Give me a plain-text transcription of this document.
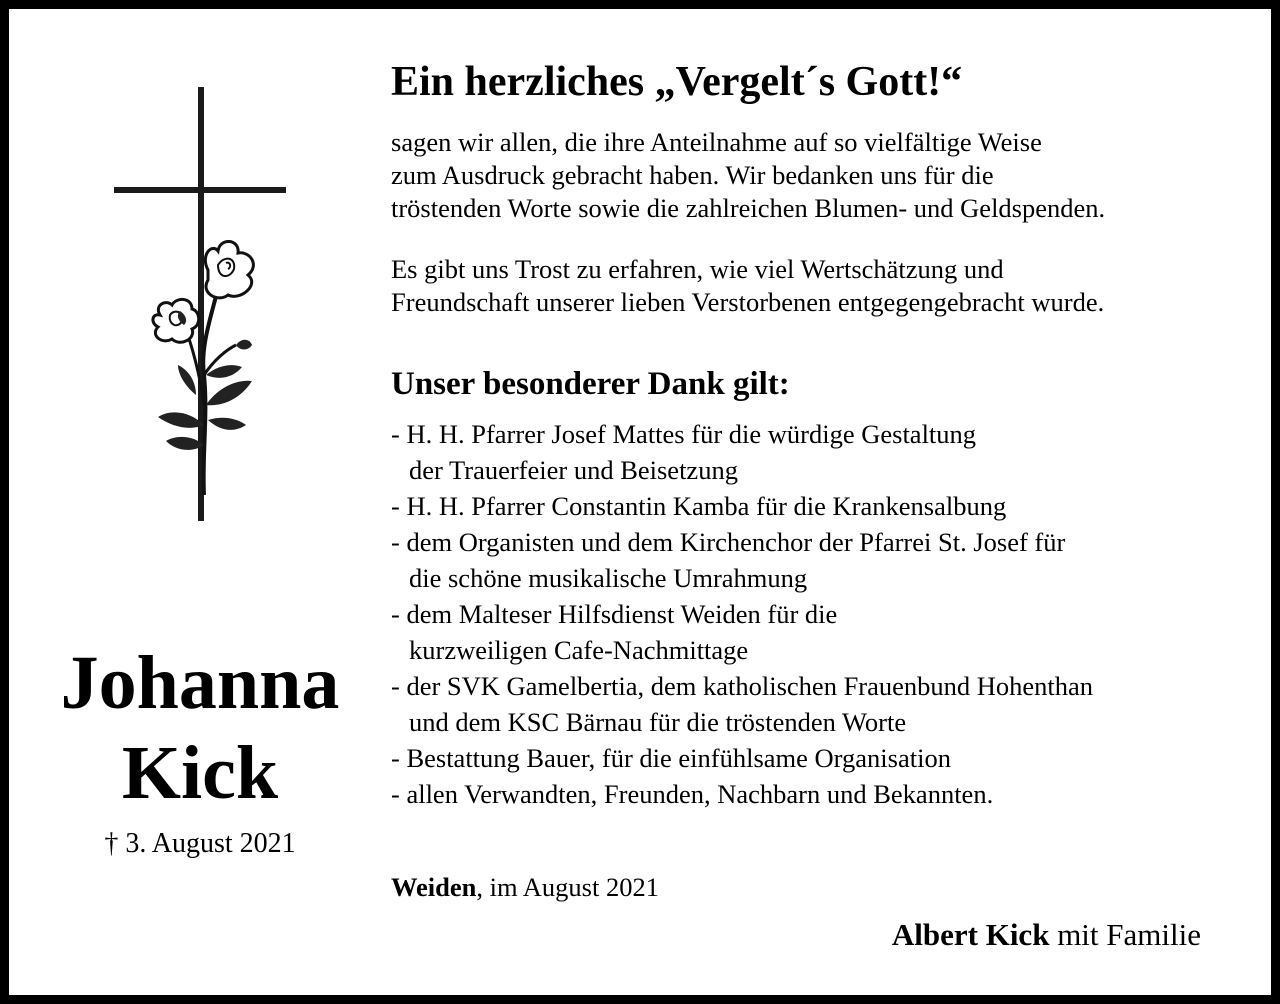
Johanna
Kick
† 3. August 2021
Ein herzliches „Vergelt´s Gott!“
sagen wir allen, die ihre Anteilnahme auf so vielfältige Weise
zum Ausdruck gebracht haben. Wir bedanken uns für die
tröstenden Worte sowie die zahlreichen Blumen- und Geldspenden.
Es gibt uns Trost zu erfahren, wie viel Wertschätzung und
Freundschaft unserer lieben Verstorbenen entgegengebracht wurde.
Unser besonderer Dank gilt:
- H. H. Pfarrer Josef Mattes für die würdige Gestaltung
der Trauerfeier und Beisetzung
- H. H. Pfarrer Constantin Kamba für die Krankensalbung
- dem Organisten und dem Kirchenchor der Pfarrei St. Josef für
die schöne musikalische Umrahmung
- dem Malteser Hilfsdienst Weiden für die
kurzweiligen Cafe-Nachmittage
- der SVK Gamelbertia, dem katholischen Frauenbund Hohenthan
und dem KSC Bärnau für die tröstenden Worte
- Bestattung Bauer, für die einfühlsame Organisation
- allen Verwandten, Freunden, Nachbarn und Bekannten.
Weiden, im August 2021
Albert Kick mit Familie
